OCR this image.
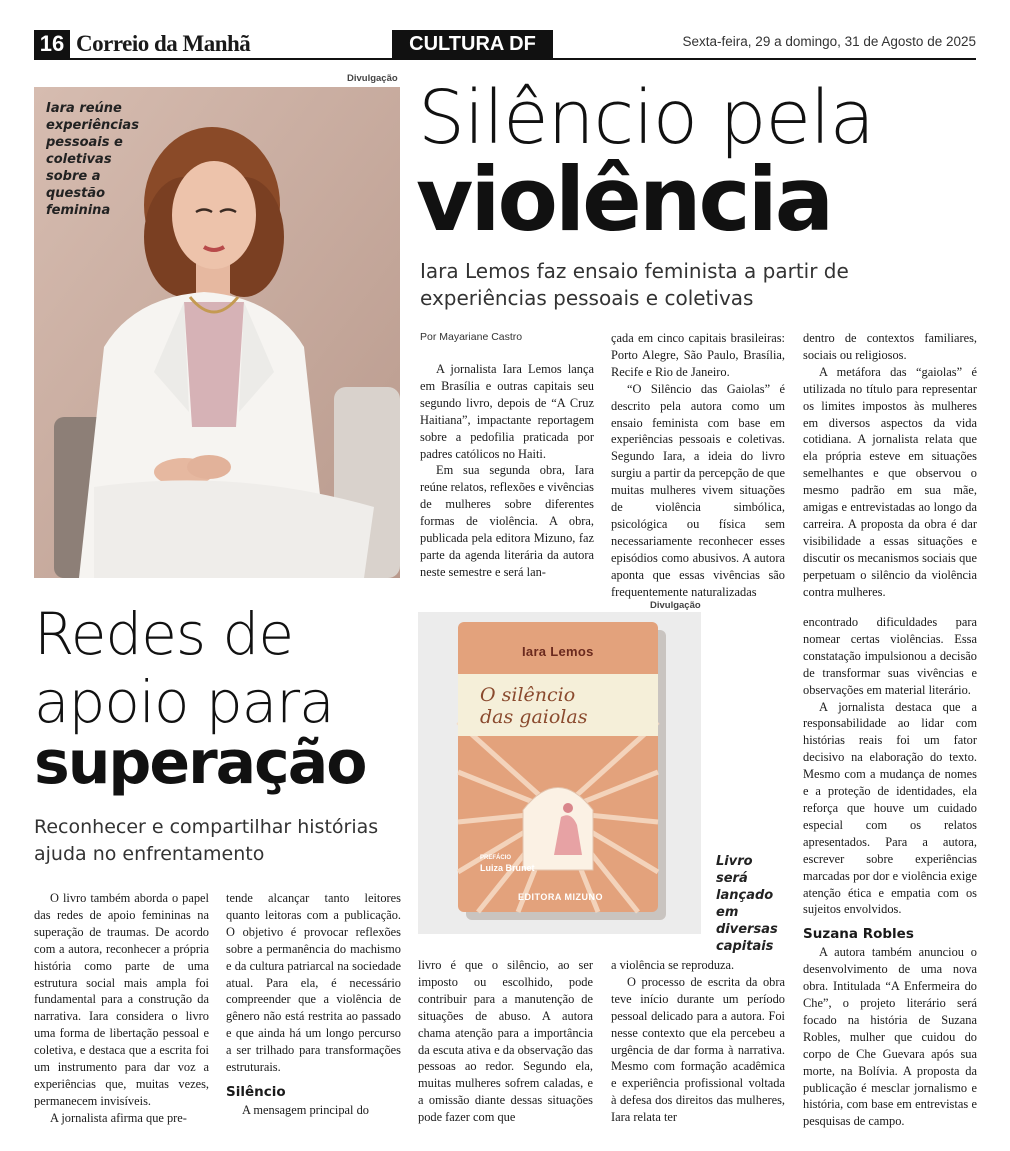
16 Correio da Manhã	CULTURA DF	Sexta-feira, 29 a domingo, 31 de Agosto de 2025
Divulgação
Iara reúne experiências pessoais e coletivas sobre a questão feminina
Silêncio pela
violência
Iara Lemos faz ensaio feminista a partir de experiências pessoais e coletivas
Por Mayariane Castro

A jornalista Iara Lemos lança em Brasília e outras capitais seu segundo livro, depois de “A Cruz Haitiana”, impactante reportagem sobre a pedofilia praticada por padres católicos no Haiti.

Em sua segunda obra, Iara reúne relatos, reflexões e vivências de mulheres sobre diferentes formas de violência. A obra, publicada pela editora Mizuno, faz parte da agenda literária da autora neste semestre e será lan-

çada em cinco capitais brasileiras: Porto Alegre, São Paulo, Brasília, Recife e Rio de Janeiro.

“O Silêncio das Gaiolas” é descrito pela autora como um ensaio feminista com base em experiências pessoais e coletivas. Segundo Iara, a ideia do livro surgiu a partir da percepção de que muitas mulheres vivem situações de violência simbólica, psicológica ou física sem necessariamente reconhecer esses episódios como abusivos. A autora aponta que essas vivências são frequentemente naturalizadas

dentro de contextos familiares, sociais ou religiosos.

A metáfora das “gaiolas” é utilizada no título para representar os limites impostos às mulheres em diversos aspectos da vida cotidiana. A jornalista relata que ela própria esteve em situações semelhantes e que observou o mesmo padrão em sua mãe, amigas e entrevistadas ao longo da carreira. A proposta da obra é dar visibilidade a essas situações e discutir os mecanismos sociais que perpetuam o silêncio da violência contra mulheres.

Redes de
apoio para
superação
Reconhecer e compartilhar histórias ajuda no enfrentamento

O livro também aborda o papel das redes de apoio femininas na superação de traumas. De acordo com a autora, reconhecer a própria história como parte de uma estrutura social mais ampla foi fundamental para a construção da narrativa. Iara considera o livro uma forma de libertação pessoal e coletiva, e destaca que a escrita foi um instrumento para dar voz a experiências que, muitas vezes, permanecem invisíveis.

A jornalista afirma que pre-

tende alcançar tanto leitores quanto leitoras com a publicação. O objetivo é provocar reflexões sobre a permanência do machismo e da cultura patriarcal na sociedade atual. Para ela, é necessário compreender que a violência de gênero não está restrita ao passado e que ainda há um longo percurso a ser trilhado para transformações estruturais.

Silêncio

A mensagem principal do

livro é que o silêncio, ao ser imposto ou escolhido, pode contribuir para a manutenção de situações de abuso. A autora chama atenção para a importância da escuta ativa e da observação das pessoas ao redor. Segundo ela, muitas mulheres sofrem caladas, e a omissão diante dessas situações pode fazer com que

a violência se reproduza.

O processo de escrita da obra teve início durante um período pessoal delicado para a autora. Foi nesse contexto que ela percebeu a urgência de dar forma à narrativa. Mesmo com formação acadêmica e experiência profissional voltada à defesa dos direitos das mulheres, Iara relata ter

encontrado dificuldades para nomear certas violências. Essa constatação impulsionou a decisão de transformar suas vivências e observações em material literário.

A jornalista destaca que a responsabilidade ao lidar com histórias reais foi um fator decisivo na elaboração do texto. Mesmo com a mudança de nomes e a proteção de identidades, ela reforça que houve um cuidado especial com os relatos apresentados. Para a autora, escrever sobre experiências marcadas por dor e violência exige atenção ética e empatia com os sujeitos envolvidos.

Suzana Robles

A autora também anunciou o desenvolvimento de uma nova obra. Intitulada “A Enfermeira do Che”, o projeto literário será focado na história de Suzana Robles, mulher que cuidou do corpo de Che Guevara após sua morte, na Bolívia. A proposta da publicação é mesclar jornalismo e história, com base em entrevistas e pesquisas de campo.

Divulgação
Iara Lemos
O silêncio
das gaiolas
PREFÁCIO
Luiza Brunet
EDITORA MIZUNO
Livro será lançado em diversas capitais
